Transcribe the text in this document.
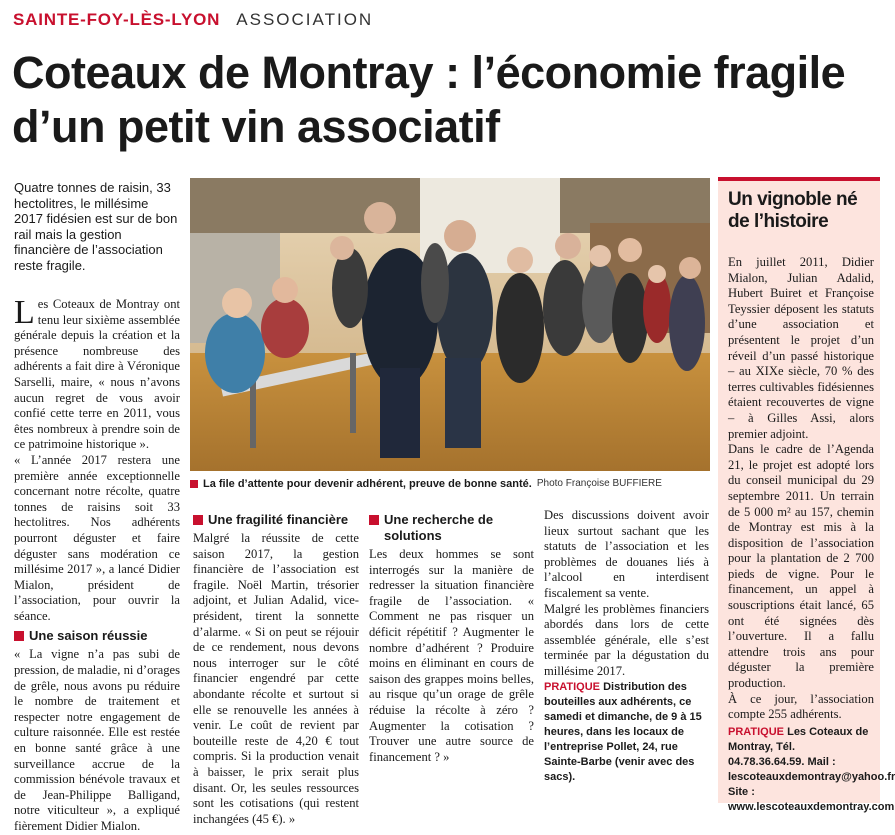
SAINTE-FOY-LÈS-LYON ASSOCIATION
Coteaux de Montray : l’économie fragile d’un petit vin associatif
Quatre tonnes de raisin, 33 hectolitres, le millésime 2017 fidésien est sur de bon rail mais la gestion financière de l’association reste fragile.

Les Coteaux de Montray ont tenu leur sixième assemblée générale depuis la création et la présence nombreuse des adhérents a fait dire à Véronique Sarselli, maire, « nous n’avons aucun regret de vous avoir confié cette terre en 2011, vous êtes nombreux à prendre soin de ce patrimoine historique ».

« L’année 2017 restera une première année exceptionnelle concernant notre récolte, quatre tonnes de raisins soit 33 hectolitres. Nos adhérents pourront déguster et faire déguster sans modération ce millésime 2017 », a lancé Didier Mialon, président de l’association, pour ouvrir la séance.

Une saison réussie

« La vigne n’a pas subi de pression, de maladie, ni d’orages de grêle, nous avons pu réduire le nombre de traitement et respecter notre engagement de culture raisonnée. Elle est restée en bonne santé grâce à une surveillance accrue de la commission bénévole travaux et de Jean-Philippe Balligand, notre viticulteur », a expliqué fièrement Didier Mialon.

La file d’attente pour devenir adhérent, preuve de bonne santé. Photo Françoise BUFFIERE
Une fragilité financière

Malgré la réussite de cette saison 2017, la gestion financière de l’association est fragile. Noël Martin, trésorier adjoint, et Julian Adalid, vice-président, tirent la sonnette d’alarme. « Si on peut se réjouir de ce rendement, nous devons nous interroger sur le côté financier engendré par cette abondante récolte et surtout si elle se renouvelle les années à venir. Le coût de revient par bouteille reste de 4,20 € tout compris. Si la production venait à baisser, le prix serait plus disant. Or, les seules ressources sont les cotisations (qui restent inchangées (45 €). »

Une recherche de solutions

Les deux hommes se sont interrogés sur la manière de redresser la situation financière fragile de l’association. « Comment ne pas risquer un déficit répétitif ? Augmenter le nombre d’adhérent ? Produire moins en éliminant en cours de saison des grappes moins belles, au risque qu’un orage de grêle réduise la récolte à zéro ? Augmenter la cotisation ? Trouver une autre source de financement ? »

Des discussions doivent avoir lieux surtout sachant que les statuts de l’association et les problèmes de douanes liés à l’alcool en interdisent fiscalement sa vente.

Malgré les problèmes financiers abordés dans lors de cette assemblée générale, elle s’est terminée par la dégustation du millésime 2017.

PRATIQUE Distribution des bouteilles aux adhérents, ce samedi et dimanche, de 9 à 15 heures, dans les locaux de l’entreprise Pollet, 24, rue Sainte-Barbe (venir avec des sacs).

Un vignoble né de l’histoire

En juillet 2011, Didier Mialon, Julian Adalid, Hubert Buiret et Françoise Teyssier déposent les statuts d’une association et présentent le projet d’un réveil d’un passé historique – au XIXe siècle, 70 % des terres cultivables fidésiennes étaient recouvertes de vigne – à Gilles Assi, alors premier adjoint.

Dans le cadre de l’Agenda 21, le projet est adopté lors du conseil municipal du 29 septembre 2011. Un terrain de 5 000 m² au 157, chemin de Montray est mis à la disposition de l’association pour la plantation de 2 700 pieds de vigne. Pour le financement, un appel à souscriptions était lancé, 65 ont été signées dès l’ouverture. Il a fallu attendre trois ans pour déguster la première production.

À ce jour, l’association compte 255 adhérents.

PRATIQUE Les Coteaux de Montray, Tél. 04.78.36.64.59. Mail : lescoteauxdemontray@yahoo.fr Site : www.lescoteauxdemontray.com
